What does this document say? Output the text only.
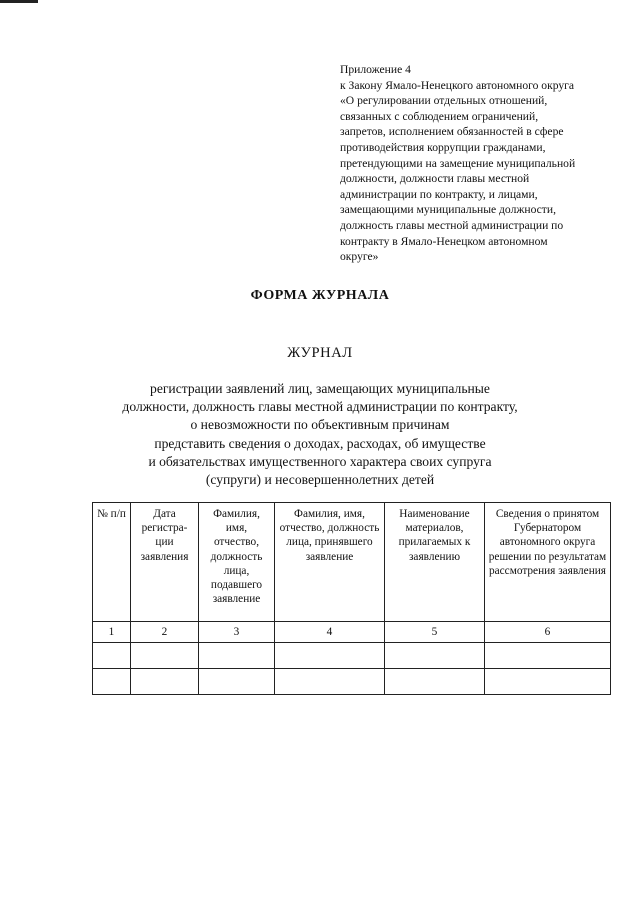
Приложение 4
к Закону Ямало-Ненецкого автономного округа
«О регулировании отдельных отношений,
связанных с соблюдением ограничений,
запретов, исполнением обязанностей в сфере
противодействия коррупции гражданами,
претендующими на замещение муниципальной
должности, должности главы местной
администрации по контракту, и лицами,
замещающими муниципальные должности,
должность главы местной администрации по
контракту в Ямало-Ненецком автономном
округе»
ФОРМА ЖУРНАЛА
ЖУРНАЛ
регистрации заявлений лиц, замещающих муниципальные
должности, должность главы местной администрации по контракту,
о невозможности по объективным причинам
представить сведения о доходах, расходах, об имуществе
и обязательствах имущественного характера своих супруга
(супруги) и несовершеннолетних детей
№ п/п	Дата регистра-ции заявления	Фамилия, имя, отчество, должность лица, подавшего заявление	Фамилия, имя, отчество, должность лица, принявшего заявление	Наименование материалов, прилагаемых к заявлению	Сведения о принятом Губернатором автономного округа решении по результатам рассмотрения заявления
1	2	3	4	5	6
